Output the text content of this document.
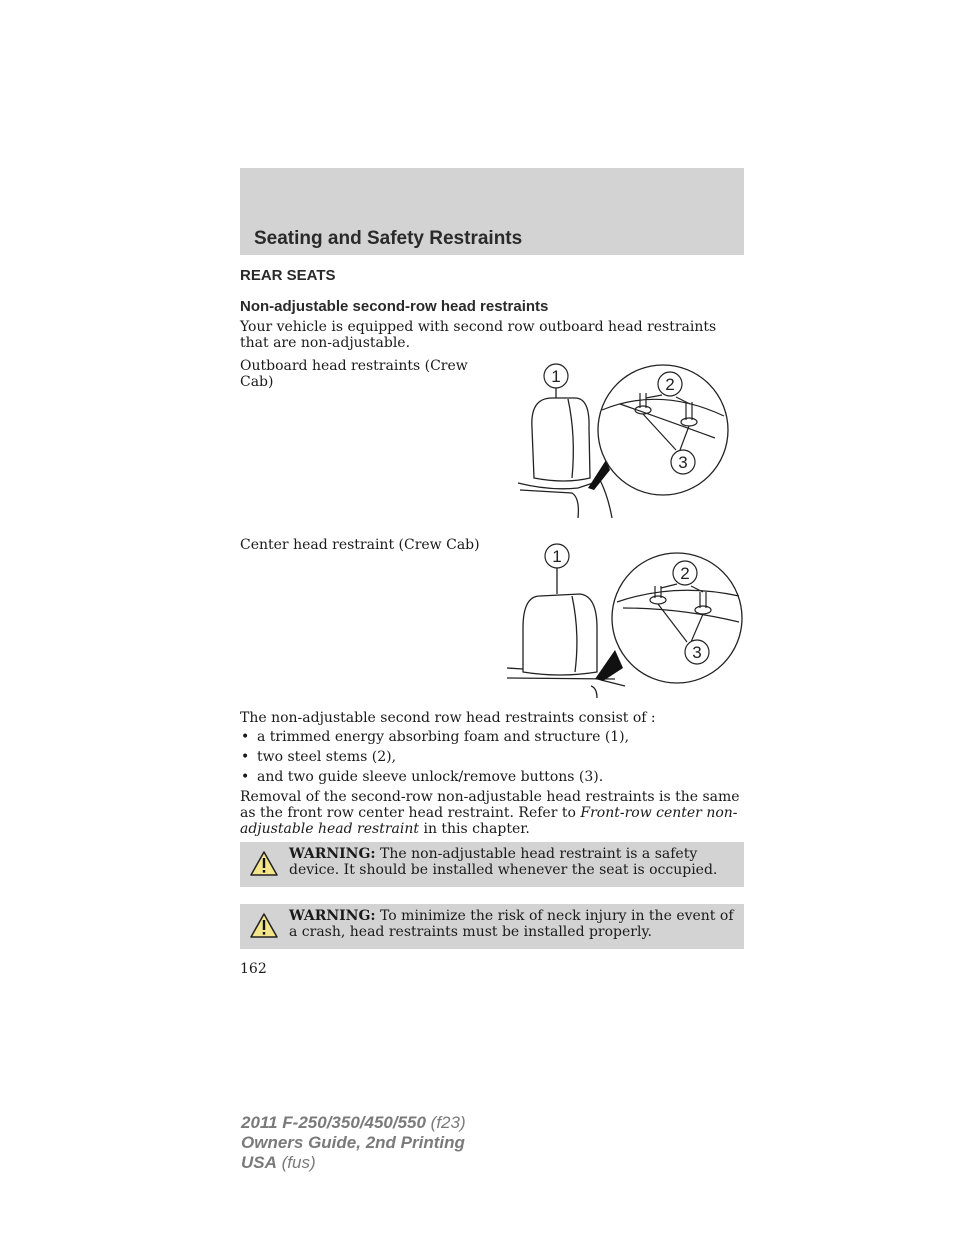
Seating and Safety Restraints
REAR SEATS
Non-adjustable second-row head restraints
Your vehicle is equipped with second row outboard head restraints that are non-adjustable.
Outboard head restraints (Crew Cab)	1	2
3
Center head restraint (Crew Cab)
1
2
3
The non-adjustable second row head restraints consist of :
• a trimmed energy absorbing foam and structure (1),
• two steel stems (2),
• and two guide sleeve unlock/remove buttons (3).
Removal of the second-row non-adjustable head restraints is the same as the front row center head restraint. Refer to Front-row center non-adjustable head restraint in this chapter.
WARNING: The non-adjustable head restraint is a safety device. It should be installed whenever the seat is occupied.
WARNING: To minimize the risk of neck injury in the event of a crash, head restraints must be installed properly.
162
2011 F-250/350/450/550 (f23)
Owners Guide, 2nd Printing
USA (fus)
